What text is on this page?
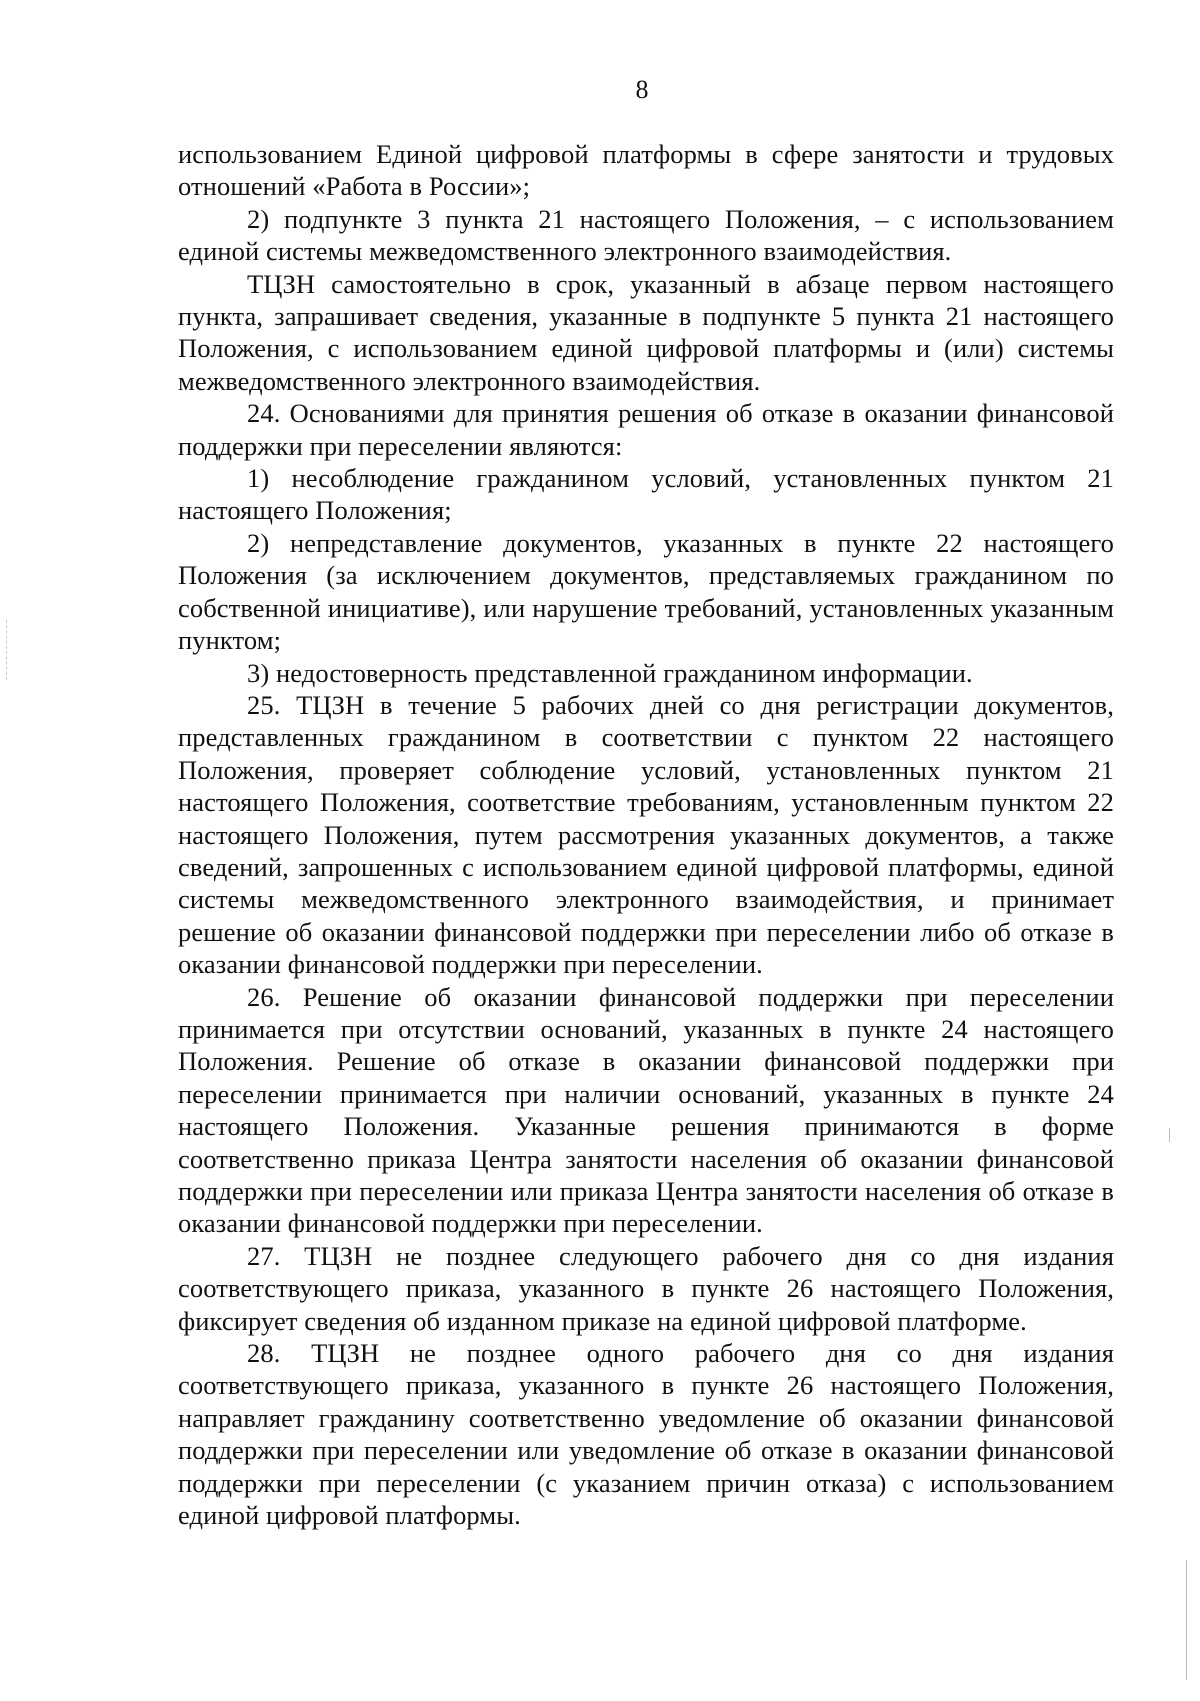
8

использованием Единой цифровой платформы в сфере занятости и трудовых отношений «Работа в России»;

2) подпункте 3 пункта 21 настоящего Положения, – с использованием единой системы межведомственного электронного взаимодействия.

ТЦЗН самостоятельно в срок, указанный в абзаце первом настоящего пункта, запрашивает сведения, указанные в подпункте 5 пункта 21 настоящего Положения, с использованием единой цифровой платформы и (или) системы межведомственного электронного взаимодействия.

24. Основаниями для принятия решения об отказе в оказании финансовой поддержки при переселении являются:

1) несоблюдение гражданином условий, установленных пунктом 21 настоящего Положения;

2) непредставление документов, указанных в пункте 22 настоящего Положения (за исключением документов, представляемых гражданином по собственной инициативе), или нарушение требований, установленных указанным пунктом;

3) недостоверность представленной гражданином информации.

25. ТЦЗН в течение 5 рабочих дней со дня регистрации документов, представленных гражданином в соответствии с пунктом 22 настоящего Положения, проверяет соблюдение условий, установленных пунктом 21 настоящего Положения, соответствие требованиям, установленным пунктом 22 настоящего Положения, путем рассмотрения указанных документов, а также сведений, запрошенных с использованием единой цифровой платформы, единой системы межведомственного электронного взаимодействия, и принимает решение об оказании финансовой поддержки при переселении либо об отказе в оказании финансовой поддержки при переселении.

26. Решение об оказании финансовой поддержки при переселении принимается при отсутствии оснований, указанных в пункте 24 настоящего Положения. Решение об отказе в оказании финансовой поддержки при переселении принимается при наличии оснований, указанных в пункте 24 настоящего Положения. Указанные решения принимаются в форме соответственно приказа Центра занятости населения об оказании финансовой поддержки при переселении или приказа Центра занятости населения об отказе в оказании финансовой поддержки при переселении.

27. ТЦЗН не позднее следующего рабочего дня со дня издания соответствующего приказа, указанного в пункте 26 настоящего Положения, фиксирует сведения об изданном приказе на единой цифровой платформе.

28. ТЦЗН не позднее одного рабочего дня со дня издания соответствующего приказа, указанного в пункте 26 настоящего Положения, направляет гражданину соответственно уведомление об оказании финансовой поддержки при переселении или уведомление об отказе в оказании финансовой поддержки при переселении (с указанием причин отказа) с использованием единой цифровой платформы.
